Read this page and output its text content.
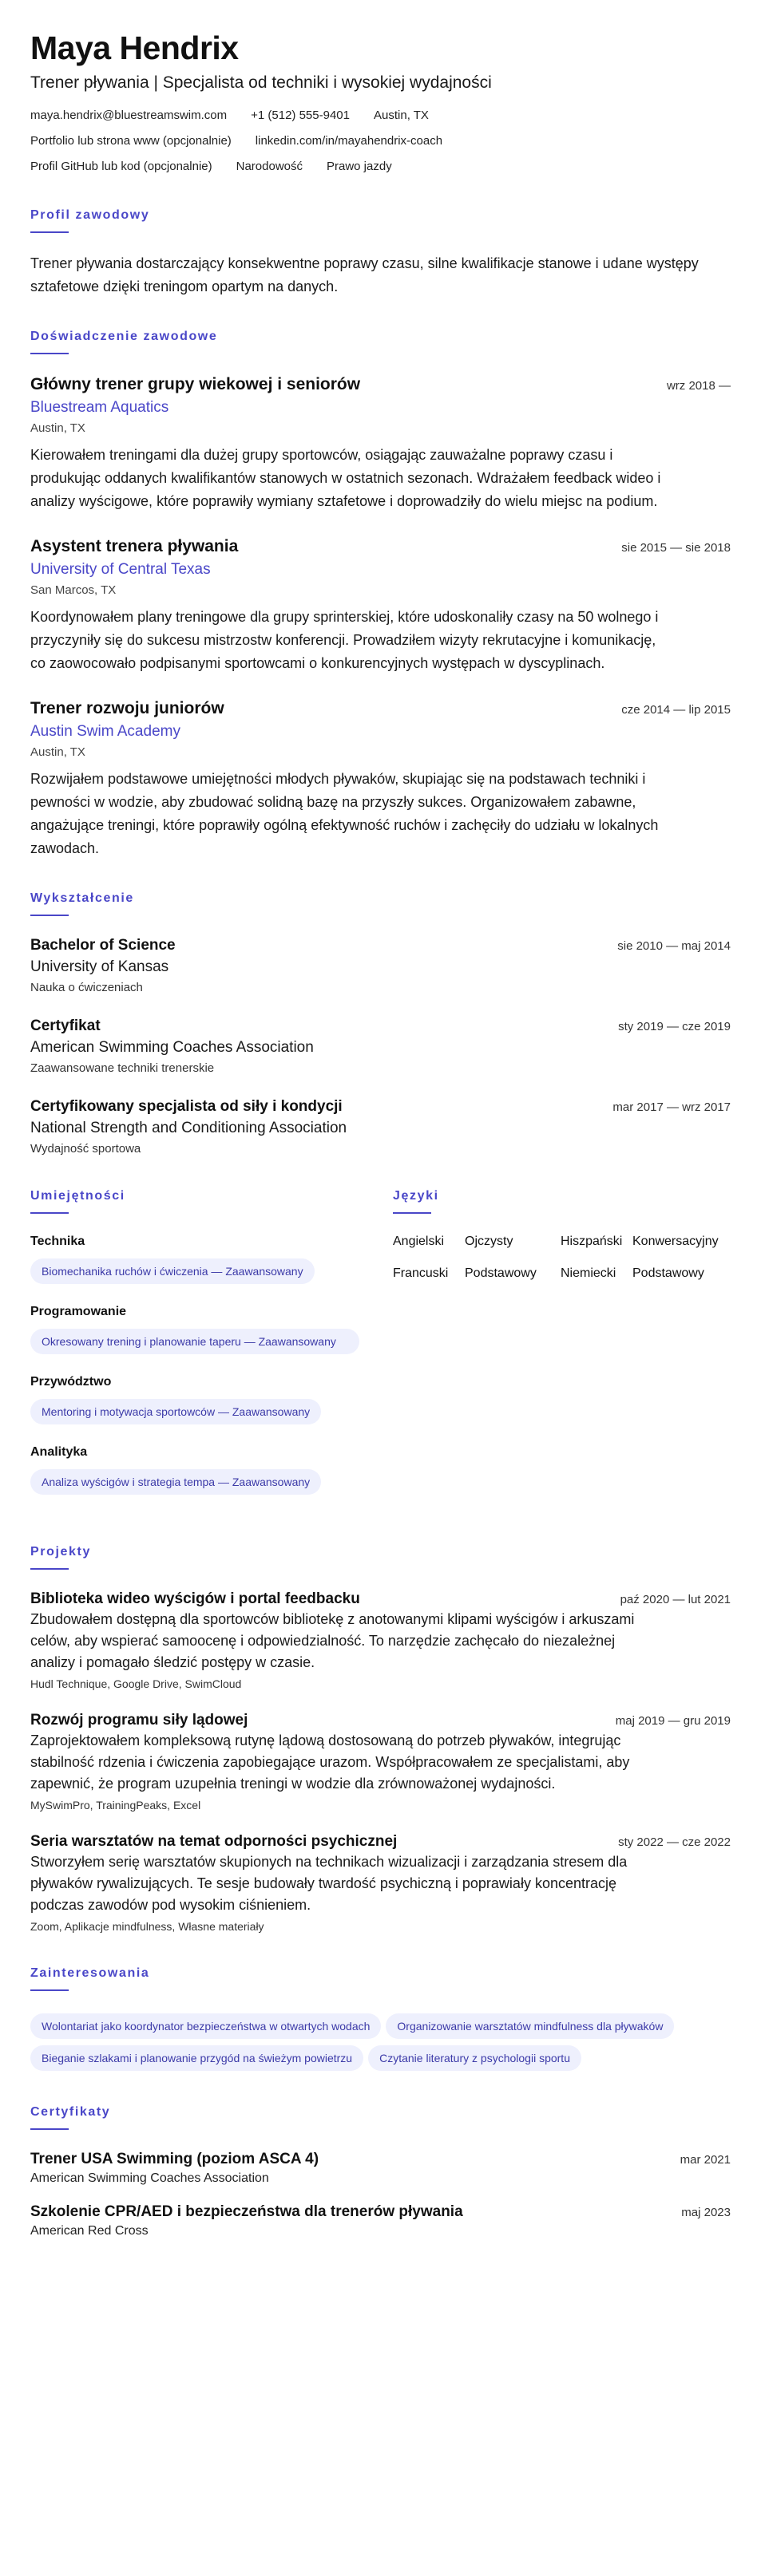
Maya Hendrix
Trener pływania | Specjalista od techniki i wysokiej wydajności
maya.hendrix@bluestreamswim.com +1 (512) 555-9401 Austin, TX
Portfolio lub strona www (opcjonalnie) linkedin.com/in/mayahendrix-coach
Profil GitHub lub kod (opcjonalnie) Narodowość Prawo jazdy
Profil zawodowy
Trener pływania dostarczający konsekwentne poprawy czasu, silne kwalifikacje stanowe i udane występy sztafetowe dzięki treningom opartym na danych.
Doświadczenie zawodowe
Główny trener grupy wiekowej i seniorów	wrz 2018 —
Bluestream Aquatics
Austin, TX
Kierowałem treningami dla dużej grupy sportowców, osiągając zauważalne poprawy czasu i produkując oddanych kwalifikantów stanowych w ostatnich sezonach. Wdrażałem feedback wideo i analizy wyścigowe, które poprawiły wymiany sztafetowe i doprowadziły do wielu miejsc na podium.
Asystent trenera pływania	sie 2015 — sie 2018
University of Central Texas
San Marcos, TX
Koordynowałem plany treningowe dla grupy sprinterskiej, które udoskonaliły czasy na 50 wolnego i przyczyniły się do sukcesu mistrzostw konferencji. Prowadziłem wizyty rekrutacyjne i komunikację, co zaowocowało podpisanymi sportowcami o konkurencyjnych występach w dyscyplinach.
Trener rozwoju juniorów	cze 2014 — lip 2015
Austin Swim Academy
Austin, TX
Rozwijałem podstawowe umiejętności młodych pływaków, skupiając się na podstawach techniki i pewności w wodzie, aby zbudować solidną bazę na przyszły sukces. Organizowałem zabawne, angażujące treningi, które poprawiły ogólną efektywność ruchów i zachęciły do udziału w lokalnych zawodach.
Wykształcenie
Bachelor of Science	sie 2010 — maj 2014
University of Kansas
Nauka o ćwiczeniach
Certyfikat	sty 2019 — cze 2019
American Swimming Coaches Association
Zaawansowane techniki trenerskie
Certyfikowany specjalista od siły i kondycji	mar 2017 — wrz 2017
National Strength and Conditioning Association
Wydajność sportowa
Umiejętności
Technika
Biomechanika ruchów i ćwiczenia — Zaawansowany
Programowanie
Okresowany trening i planowanie taperu — Zaawansowany
Przywództwo
Mentoring i motywacja sportowców — Zaawansowany
Analityka
Analiza wyścigów i strategia tempa — Zaawansowany
Języki
Angielski	Ojczysty	Hiszpański Konwersacyjny
Francuski	Podstawowy	Niemiecki	Podstawowy
Projekty
Biblioteka wideo wyścigów i portal feedbacku	paź 2020 — lut 2021
Zbudowałem dostępną dla sportowców bibliotekę z anotowanymi klipami wyścigów i arkuszami celów, aby wspierać samoocenę i odpowiedzialność. To narzędzie zachęcało do niezależnej analizy i pomagało śledzić postępy w czasie.
Hudl Technique, Google Drive, SwimCloud
Rozwój programu siły lądowej	maj 2019 — gru 2019
Zaprojektowałem kompleksową rutynę lądową dostosowaną do potrzeb pływaków, integrując stabilność rdzenia i ćwiczenia zapobiegające urazom. Współpracowałem ze specjalistami, aby zapewnić, że program uzupełnia treningi w wodzie dla zrównoważonej wydajności.
MySwimPro, TrainingPeaks, Excel
Seria warsztatów na temat odporności psychicznej	sty 2022 — cze 2022
Stworzyłem serię warsztatów skupionych na technikach wizualizacji i zarządzania stresem dla pływaków rywalizujących. Te sesje budowały twardość psychiczną i poprawiały koncentrację podczas zawodów pod wysokim ciśnieniem.
Zoom, Aplikacje mindfulness, Własne materiały
Zainteresowania
Wolontariat jako koordynator bezpieczeństwa w otwartych wodach	Organizowanie warsztatów mindfulness dla pływaków
Bieganie szlakami i planowanie przygód na świeżym powietrzu	Czytanie literatury z psychologii sportu
Certyfikaty
Trener USA Swimming (poziom ASCA 4)	mar 2021
American Swimming Coaches Association
Szkolenie CPR/AED i bezpieczeństwa dla trenerów pływania	maj 2023
American Red Cross
